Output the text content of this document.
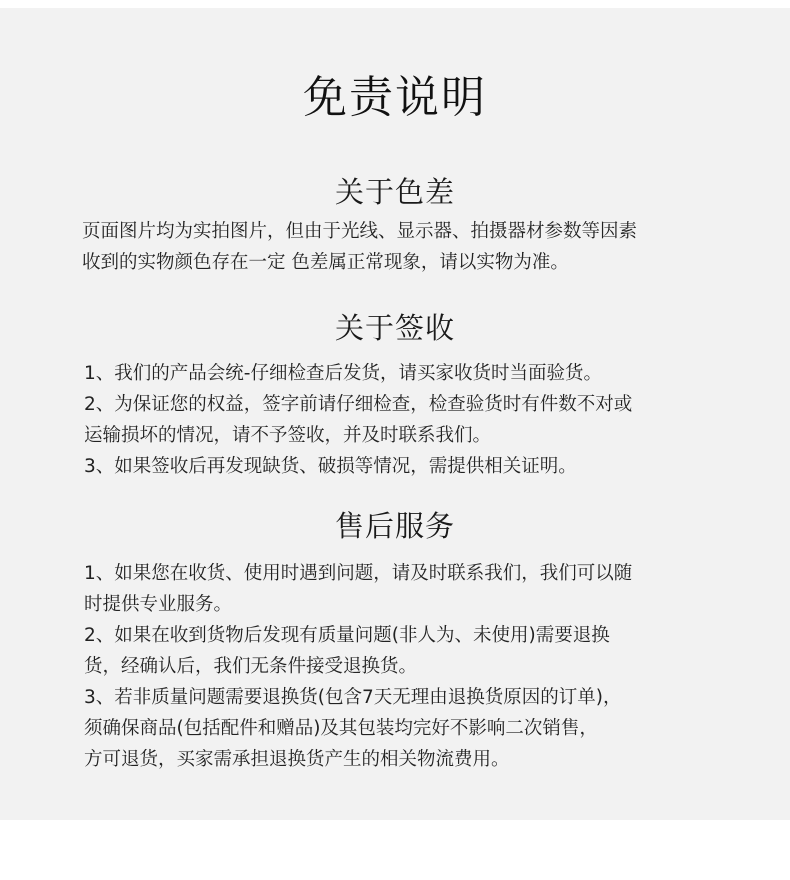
免责说明
关于色差

页面图片均为实拍图片，但由于光线、显示器、拍摄器材参数等因素
收到的实物颜色存在一定 色差属正常现象，请以实物为准。

关于签收
1、我们的产品会统-仔细检查后发货，请买家收货时当面验货。
2、为保证您的权益，签字前请仔细检查，检查验货时有件数不对或
运输损坏的情况，请不予签收，并及时联系我们。
3、如果签收后再发现缺货、破损等情况，需提供相关证明。
售后服务
1、如果您在收货、使用时遇到问题，请及时联系我们，我们可以随
时提供专业服务。
2、如果在收到货物后发现有质量问题(非人为、未使用)需要退换
货，经确认后，我们无条件接受退换货。
3、若非质量问题需要退换货(包含7天无理由退换货原因的订单)，
须确保商品(包括配件和赠品)及其包装均完好不影响二次销售，
方可退货，买家需承担退换货产生的相关物流费用。
